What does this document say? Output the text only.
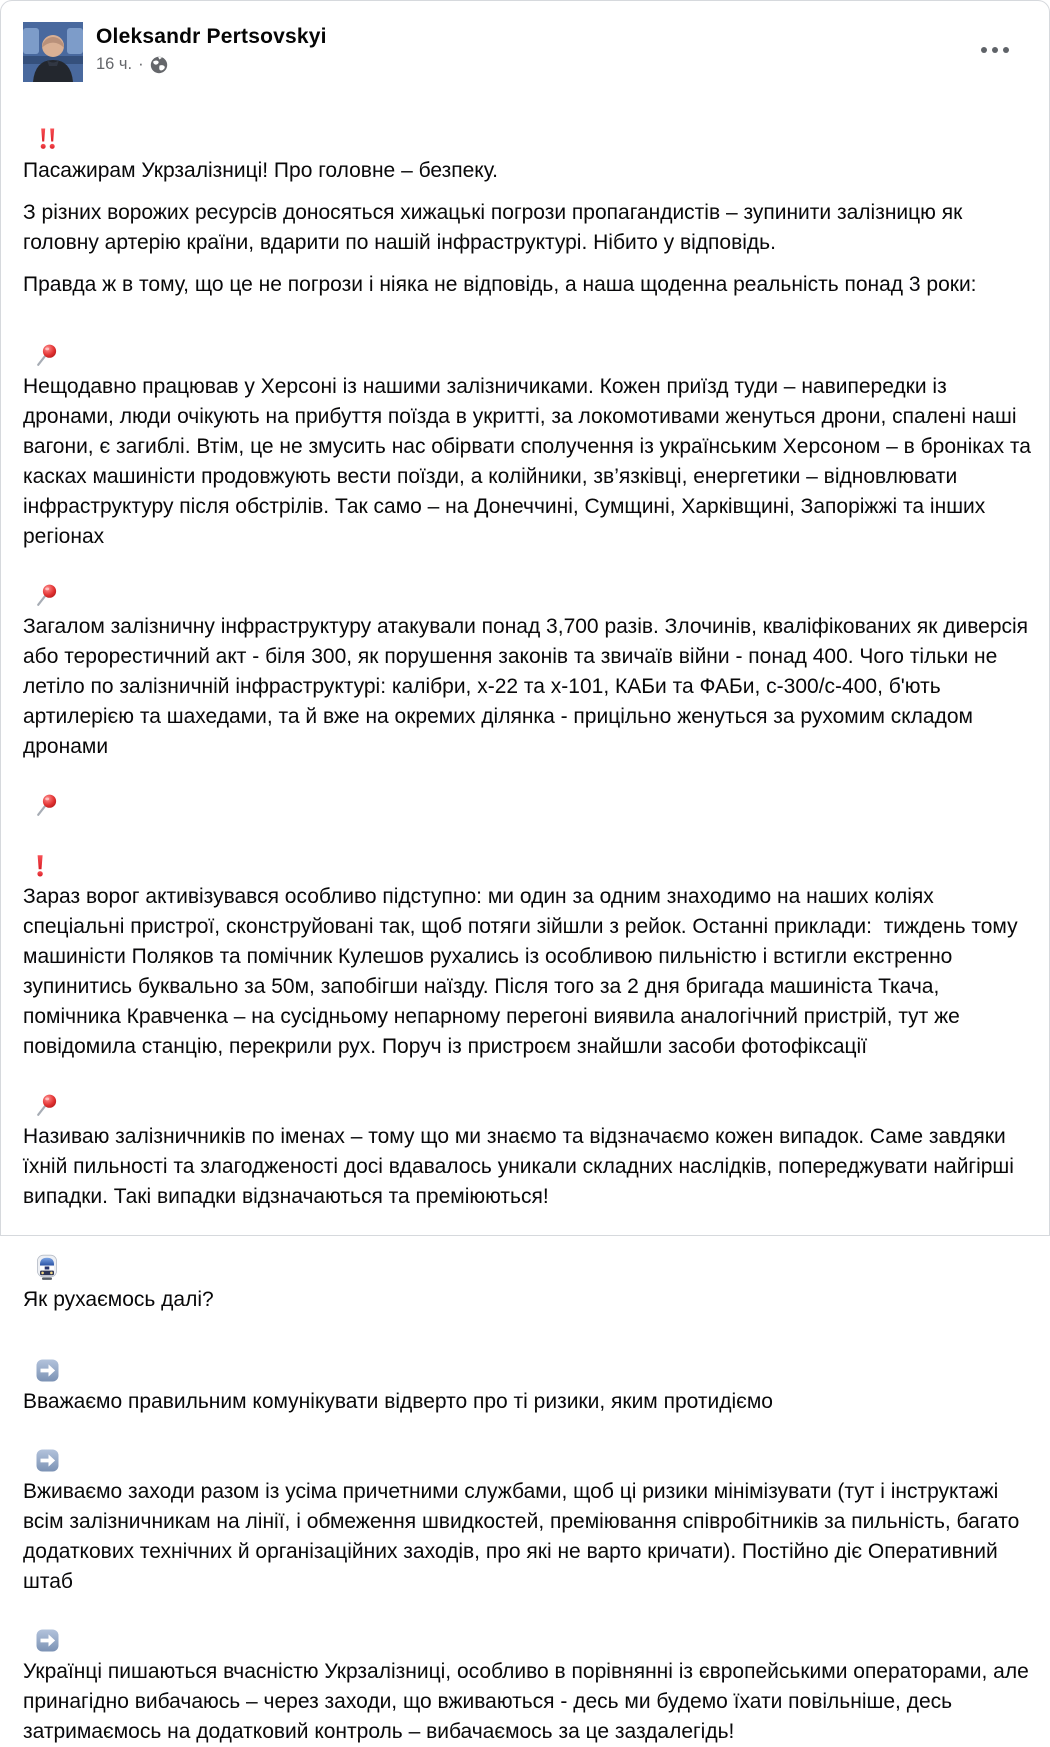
Oleksandr Pertsovskyi
16 ч. ·

Пасажирам Укрзалізниці! Про головне – безпеку.

З різних ворожих ресурсів доносяться хижацькі погрози пропагандистів – зупинити залізницю як головну артерію країни, вдарити по нашій інфраструктурі. Нібито у відповідь.

Правда ж в тому, що це не погрози і ніяка не відповідь, а наша щоденна реальність понад 3 роки:

Нещодавно працював у Херсоні із нашими залізничиками. Кожен приїзд туди – навипередки із дронами, люди очікують на прибуття поїзда в укритті, за локомотивами женуться дрони, спалені наші вагони, є загиблі. Втім, це не змусить нас обірвати сполучення із українським Херсоном – в броніках та касках машиністи продовжують вести поїзди, а колійники, зв’язківці, енергетики – відновлювати інфраструктуру після обстрілів. Так само – на Донеччині, Сумщині, Харківщині, Запоріжжі та інших регіонах

Загалом залізничну інфраструктуру атакували понад 3,700 разів. Злочинів, кваліфікованих як диверсія або терорестичний акт - біля 300, як порушення законів та звичаїв війни - понад 400. Чого тільки не летіло по залізничній інфраструктурі: калібри, х-22 та х-101, КАБи та ФАБи, с-300/с-400, б'ють артилерією та шахедами, та й вже на окремих ділянка - прицільно женуться за рухомим складом дронами

Зараз ворог активізувався особливо підступно: ми один за одним знаходимо на наших коліях спеціальні пристрої, сконструйовані так, щоб потяги зійшли з рейок. Останні приклади:  тиждень тому машиністи Поляков та помічник Кулешов рухались із особливою пильністю і встигли екстренно зупинитись буквально за 50м, запобігши наїзду. Після того за 2 дня бригада машиніста Ткача, помічника Кравченка – на сусідньому непарному перегоні виявила аналогічний пристрій, тут же повідомила станцію, перекрили рух. Поруч із пристроєм знайшли засоби фотофіксації

Називаю залізничників по іменах – тому що ми знаємо та відзначаємо кожен випадок. Саме завдяки їхній пильності та злагодженості досі вдавалось уникали складних наслідків, попереджувати найгірші випадки. Такі випадки відзначаються та преміюються!

Як рухаємось далі?

Вважаємо правильним комунікувати відверто про ті ризики, яким протидіємо

Вживаємо заходи разом із усіма причетними службами, щоб ці ризики мінімізувати (тут і інструктажі всім залізничникам на лінії, і обмеження швидкостей, преміювання співробітників за пильність, багато додаткових технічних й організаційних заходів, про які не варто кричати). Постійно діє Оперативний штаб

Українці пишаються вчасністю Укрзалізниці, особливо в порівнянні із європейськими операторами, але принагідно вибачаюсь – через заходи, що вживаються - десь ми будемо їхати повільніше, десь затримаємось на додатковий контроль – вибачаємось за це заздалегідь!
